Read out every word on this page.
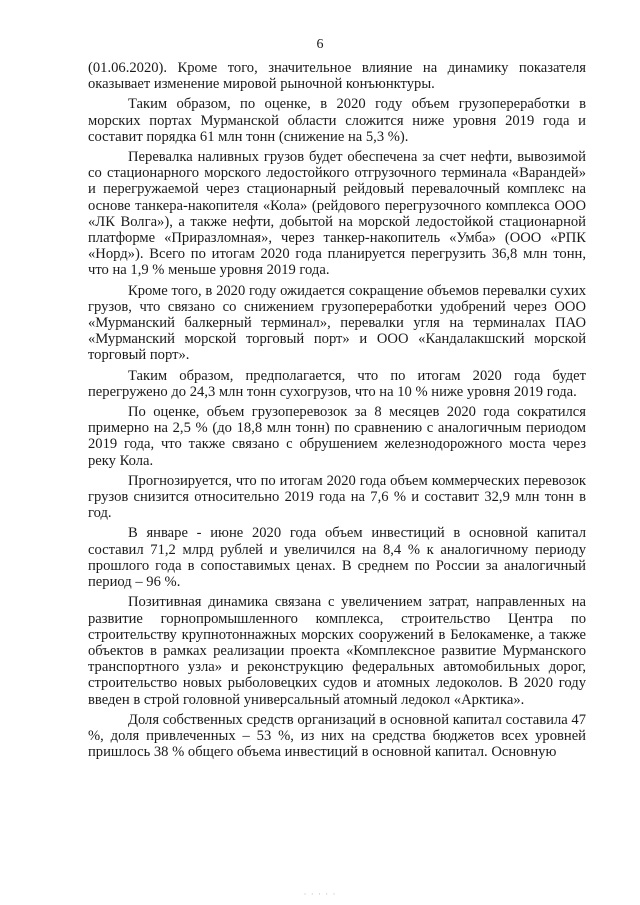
6

(01.06.2020). Кроме того, значительное влияние на динамику показателя оказывает изменение мировой рыночной конъюнктуры.

Таким образом, по оценке, в 2020 году объем грузопереработки в морских портах Мурманской области сложится ниже уровня 2019 года и составит порядка 61 млн тонн (снижение на 5,3 %).

Перевалка наливных грузов будет обеспечена за счет нефти, вывозимой со стационарного морского ледостойкого отгрузочного терминала «Варандей» и перегружаемой через стационарный рейдовый перевалочный комплекс на основе танкера-накопителя «Кола» (рейдового перегрузочного комплекса ООО «ЛК Волга»), а также нефти, добытой на морской ледостойкой стационарной платформе «Приразломная», через танкер-накопитель «Умба» (ООО «РПК «Норд»). Всего по итогам 2020 года планируется перегрузить 36,8 млн тонн, что на 1,9 % меньше уровня 2019 года.

Кроме того, в 2020 году ожидается сокращение объемов перевалки сухих грузов, что связано со снижением грузопереработки удобрений через ООО «Мурманский балкерный терминал», перевалки угля на терминалах ПАО «Мурманский морской торговый порт» и ООО «Кандалакшский морской торговый порт».

Таким образом, предполагается, что по итогам 2020 года будет перегружено до 24,3 млн тонн сухогрузов, что на 10 % ниже уровня 2019 года.

По оценке, объем грузоперевозок за 8 месяцев 2020 года сократился примерно на 2,5 % (до 18,8 млн тонн) по сравнению с аналогичным периодом 2019 года, что также связано с обрушением железнодорожного моста через реку Кола.

Прогнозируется, что по итогам 2020 года объем коммерческих перевозок грузов снизится относительно 2019 года на 7,6 % и составит 32,9 млн тонн в год.

В январе - июне 2020 года объем инвестиций в основной капитал составил 71,2 млрд рублей и увеличился на 8,4 % к аналогичному периоду прошлого года в сопоставимых ценах. В среднем по России за аналогичный период – 96 %.

Позитивная динамика связана с увеличением затрат, направленных на развитие горнопромышленного комплекса, строительство Центра по строительству крупнотоннажных морских сооружений в Белокаменке, а также объектов в рамках реализации проекта «Комплексное развитие Мурманского транспортного узла» и реконструкцию федеральных автомобильных дорог, строительство новых рыболовецких судов и атомных ледоколов. В 2020 году введен в строй головной универсальный атомный ледокол «Арктика».

Доля собственных средств организаций в основной капитал составила 47 %, доля привлеченных – 53 %, из них на средства бюджетов всех уровней пришлось 38 % общего объема инвестиций в основной капитал. Основную

· · · · ·
